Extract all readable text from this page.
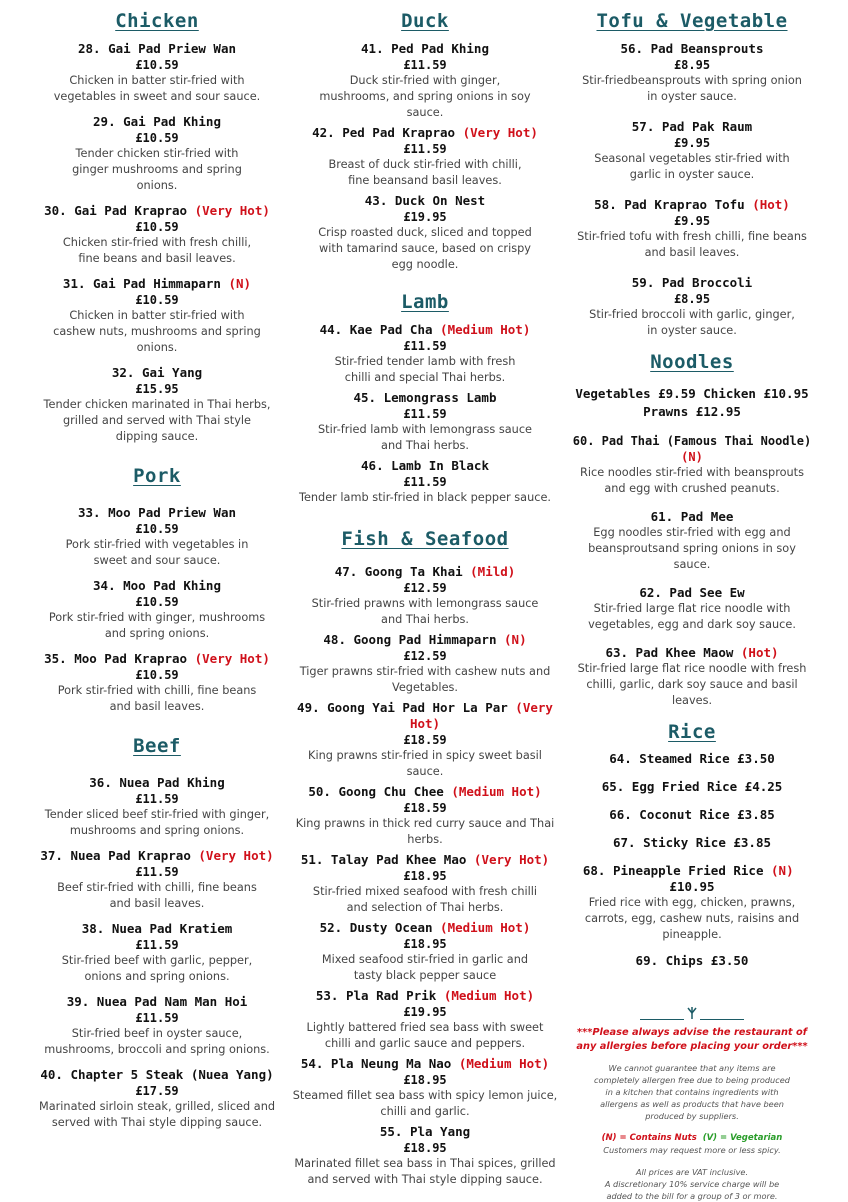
Chicken
28. Gai Pad Priew Wan
£10.59
Chicken in batter stir-fried with vegetables in sweet and sour sauce.
29. Gai Pad Khing
£10.59
Tender chicken stir-fried with ginger mushrooms and spring onions.
30. Gai Pad Kraprao (Very Hot)
£10.59
Chicken stir-fried with fresh chilli, fine beans and basil leaves.
31. Gai Pad Himmaparn (N)
£10.59
Chicken in batter stir-fried with cashew nuts, mushrooms and spring onions.
32. Gai Yang
£15.95
Tender chicken marinated in Thai herbs, grilled and served with Thai style dipping sauce.
Pork
33. Moo Pad Priew Wan
£10.59
Pork stir-fried with vegetables in sweet and sour sauce.
34. Moo Pad Khing
£10.59
Pork stir-fried with ginger, mushrooms and spring onions.
35. Moo Pad Kraprao (Very Hot)
£10.59
Pork stir-fried with chilli, fine beans and basil leaves.
Beef
36. Nuea Pad Khing
£11.59
Tender sliced beef stir-fried with ginger, mushrooms and spring onions.
37. Nuea Pad Kraprao (Very Hot)
£11.59
Beef stir-fried with chilli, fine beans and basil leaves.
38. Nuea Pad Kratiem
£11.59
Stir-fried beef with garlic, pepper, onions and spring onions.
39. Nuea Pad Nam Man Hoi
£11.59
Stir-fried beef in oyster sauce, mushrooms, broccoli and spring onions.
40. Chapter 5 Steak (Nuea Yang)
£17.59
Marinated sirloin steak, grilled, sliced and served with Thai style dipping sauce.
Duck
41. Ped Pad Khing
£11.59
Duck stir-fried with ginger, mushrooms, and spring onions in soy sauce.
42. Ped Pad Kraprao (Very Hot)
£11.59
Breast of duck stir-fried with chilli, fine beansand basil leaves.
43. Duck On Nest
£19.95
Crisp roasted duck, sliced and topped with tamarind sauce, based on crispy egg noodle.
Lamb
44. Kae Pad Cha (Medium Hot)
£11.59
Stir-fried tender lamb with fresh chilli and special Thai herbs.
45. Lemongrass Lamb
£11.59
Stir-fried lamb with lemongrass sauce and Thai herbs.
46. Lamb In Black
£11.59
Tender lamb stir-fried in black pepper sauce.
Fish & Seafood
47. Goong Ta Khai (Mild)
£12.59
Stir-fried prawns with lemongrass sauce and Thai herbs.
48. Goong Pad Himmaparn (N)
£12.59
Tiger prawns stir-fried with cashew nuts and Vegetables.
49. Goong Yai Pad Hor La Par (Very Hot)
£18.59
King prawns stir-fried in spicy sweet basil sauce.
50. Goong Chu Chee (Medium Hot)
£18.59
King prawns in thick red curry sauce and Thai herbs.
51. Talay Pad Khee Mao (Very Hot)
£18.95
Stir-fried mixed seafood with fresh chilli and selection of Thai herbs.
52. Dusty Ocean (Medium Hot)
£18.95
Mixed seafood stir-fried in garlic and tasty black pepper sauce
53. Pla Rad Prik (Medium Hot)
£19.95
Lightly battered fried sea bass with sweet chilli and garlic sauce and peppers.
54. Pla Neung Ma Nao (Medium Hot)
£18.95
Steamed fillet sea bass with spicy lemon juice, chilli and garlic.
55. Pla Yang
£18.95
Marinated fillet sea bass in Thai spices, grilled and served with Thai style dipping sauce.
Tofu & Vegetable
56. Pad Beansprouts
£8.95
Stir-friedbeansprouts with spring onion in oyster sauce.
57. Pad Pak Raum
£9.95
Seasonal vegetables stir-fried with garlic in oyster sauce.
58. Pad Kraprao Tofu (Hot)
£9.95
Stir-fried tofu with fresh chilli, fine beans and basil leaves.
59. Pad Broccoli
£8.95
Stir-fried broccoli with garlic, ginger, in oyster sauce.
Noodles
Vegetables £9.59 Chicken £10.95
Prawns £12.95
60. Pad Thai (Famous Thai Noodle) (N)
Rice noodles stir-fried with beansprouts and egg with crushed peanuts.
61. Pad Mee
Egg noodles stir-fried with egg and beansproutsand spring onions in soy sauce.
62. Pad See Ew
Stir-fried large flat rice noodle with vegetables, egg and dark soy sauce.
63. Pad Khee Maow (Hot)
Stir-fried large flat rice noodle with fresh chilli, garlic, dark soy sauce and basil leaves.
Rice
64. Steamed Rice £3.50
65. Egg Fried Rice £4.25
66. Coconut Rice £3.85
67. Sticky Rice £3.85
68. Pineapple Fried Rice (N)  £10.95
Fried rice with egg, chicken, prawns, carrots, egg, cashew nuts, raisins and pineapple.
69. Chips £3.50
***Please always advise the restaurant of any allergies before placing your order***
We cannot guarantee that any items are completely allergen free due to being produced in a kitchen that contains ingredients with allergens as well as products that have been produced by suppliers.
(N) = Contains Nuts (V) = Vegetarian
Customers may request more or less spicy.
All prices are VAT inclusive.
A discretionary 10% service charge will be added to the bill for a group of 3 or more.
